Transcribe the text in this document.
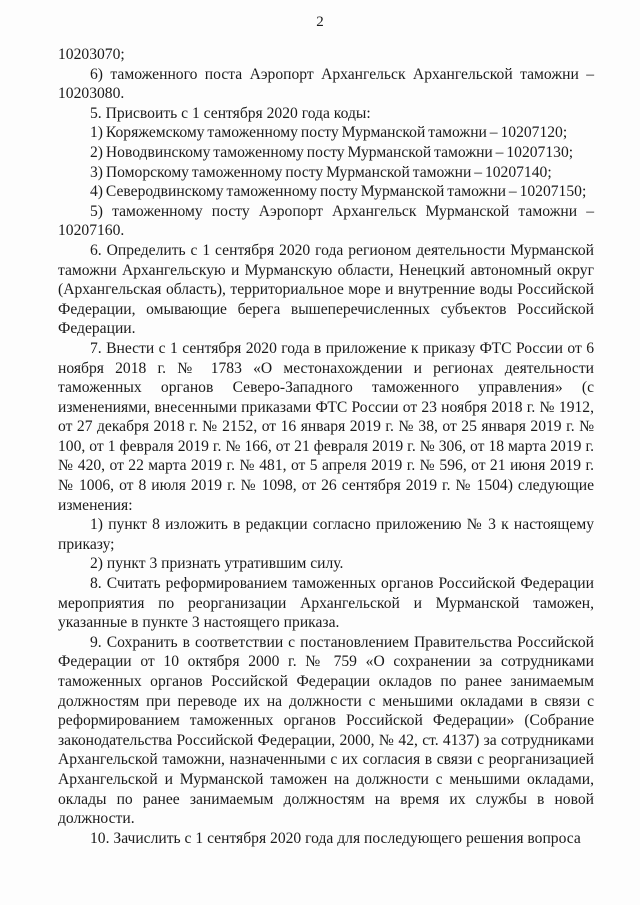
2

10203070;

6) таможенного поста Аэропорт Архангельск Архангельской таможни – 10203080.

5. Присвоить с 1 сентября 2020 года коды:

1) Коряжемскому таможенному посту Мурманской таможни – 10207120;

2) Новодвинскому таможенному посту Мурманской таможни – 10207130;

3) Поморскому таможенному посту Мурманской таможни – 10207140;

4) Северодвинскому таможенному посту Мурманской таможни – 10207150;

5) таможенному посту Аэропорт Архангельск Мурманской таможни – 10207160.

6. Определить с 1 сентября 2020 года регионом деятельности Мурманской таможни Архангельскую и Мурманскую области, Ненецкий автономный округ (Архангельская область), территориальное море и внутренние воды Российской Федерации, омывающие берега вышеперечисленных субъектов Российской Федерации.

7. Внести с 1 сентября 2020 года в приложение к приказу ФТС России от 6 ноября 2018 г. № 1783 «О местонахождении и регионах деятельности таможенных органов Северо-Западного таможенного управления» (с изменениями, внесенными приказами ФТС России от 23 ноября 2018 г. № 1912, от 27 декабря 2018 г. № 2152, от 16 января 2019 г. № 38, от 25 января 2019 г. № 100, от 1 февраля 2019 г. № 166, от 21 февраля 2019 г. № 306, от 18 марта 2019 г. № 420, от 22 марта 2019 г. № 481, от 5 апреля 2019 г. № 596, от 21 июня 2019 г. № 1006, от 8 июля 2019 г. № 1098, от 26 сентября 2019 г. № 1504) следующие изменения:

1) пункт 8 изложить в редакции согласно приложению № 3 к настоящему приказу;

2) пункт 3 признать утратившим силу.

8. Считать реформированием таможенных органов Российской Федерации мероприятия по реорганизации Архангельской и Мурманской таможен, указанные в пункте 3 настоящего приказа.

9. Сохранить в соответствии с постановлением Правительства Российской Федерации от 10 октября 2000 г. № 759 «О сохранении за сотрудниками таможенных органов Российской Федерации окладов по ранее занимаемым должностям при переводе их на должности с меньшими окладами в связи с реформированием таможенных органов Российской Федерации» (Собрание законодательства Российской Федерации, 2000, № 42, ст. 4137) за сотрудниками Архангельской таможни, назначенными с их согласия в связи с реорганизацией Архангельской и Мурманской таможен на должности с меньшими окладами, оклады по ранее занимаемым должностям на время их службы в новой должности.

10. Зачислить с 1 сентября 2020 года для последующего решения вопроса
